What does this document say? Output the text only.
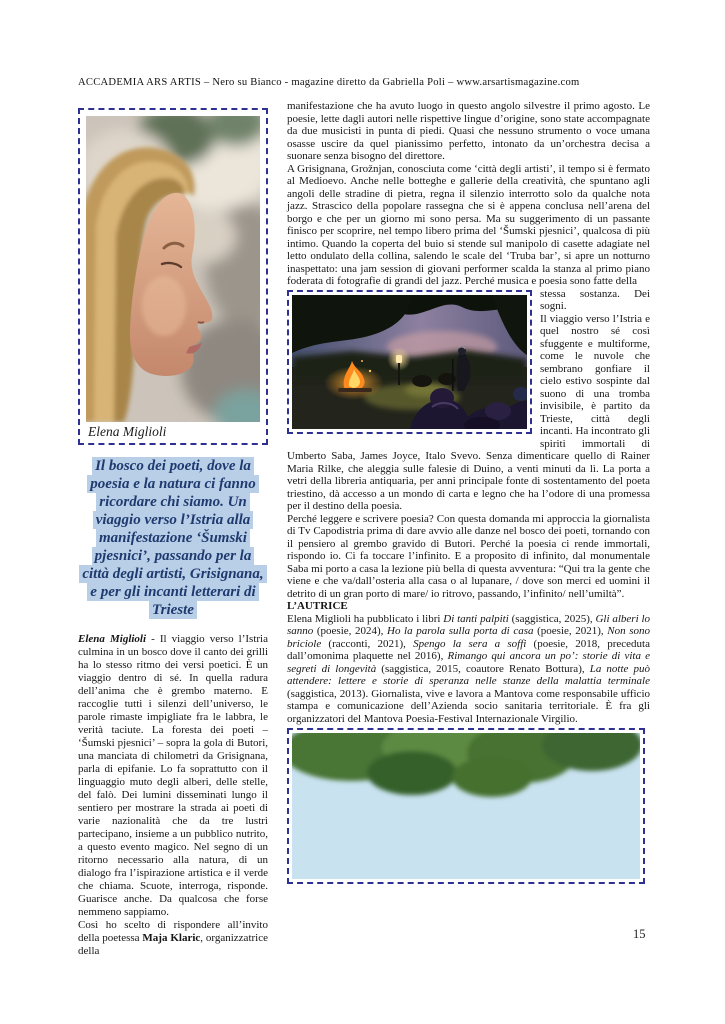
ACCADEMIA ARS ARTIS – Nero su Bianco - magazine diretto da Gabriella Poli – www.arsartismagazine.com
Elena Miglioli
Il bosco dei poeti, dove la poesia e la natura ci fanno ricordare chi siamo. Un viaggio verso l’Istria alla manifestazione ‘Šumski pjesnici’, passando per la città degli artisti, Grisignana, e per gli incanti letterari di Trieste

Elena Miglioli - Il viaggio verso l’Istria culmina in un bosco dove il canto dei grilli ha lo stesso ritmo dei versi poetici. È un viaggio dentro di sé. In quella radura dell’anima che è grembo materno. E raccoglie tutti i silenzi dell’universo, le parole rimaste impigliate fra le labbra, le verità taciute. La foresta dei poeti – ‘Šumski pjesnici’ – sopra la gola di Butori, una manciata di chilometri da Grisignana, parla di epifanie. Lo fa soprattutto con il linguaggio muto degli alberi, delle stelle, del falò. Dei lumini disseminati lungo il sentiero per mostrare la strada ai poeti di varie nazionalità che da tre lustri partecipano, insieme a un pubblico nutrito, a questo evento magico. Nel segno di un ritorno necessario alla natura, di un dialogo fra l’ispirazione artistica e il verde che chiama. Scuote, interroga, risponde. Guarisce anche. Da qualcosa che forse nemmeno sappiamo.

Così ho scelto di rispondere all’invito della poetessa Maja Klaric, organizzatrice della

manifestazione che ha avuto luogo in questo angolo silvestre il primo agosto. Le poesie, lette dagli autori nelle rispettive lingue d’origine, sono state accompagnate da due musicisti in punta di piedi. Quasi che nessuno strumento o voce umana osasse uscire da quel pianissimo perfetto, intonato da un’orchestra decisa a suonare senza bisogno del direttore.

A Grisignana, Grožnjan, conosciuta come ‘città degli artisti’, il tempo si è fermato al Medioevo. Anche nelle botteghe e gallerie della creatività, che spuntano agli angoli delle stradine di pietra, regna il silenzio interrotto solo da qualche nota jazz. Strascico della popolare rassegna che si è appena conclusa nell’arena del borgo e che per un giorno mi sono persa. Ma su suggerimento di un passante finisco per scoprire, nel tempo libero prima del ‘Šumski pjesnici’, qualcosa di più intimo. Quando la coperta del buio si stende sul manipolo di casette adagiate nel letto ondulato della collina, salendo le scale del ‘Truba bar’, si apre un notturno inaspettato: una jam session di giovani performer scalda la stanza al primo piano foderata di fotografie di grandi del jazz. Perché musica e poesia sono fatte della

stessa sostanza. Dei sogni.

Il viaggio verso l’Istria e quel nostro sé così sfuggente e multiforme, come le nuvole che sembrano gonfiare il cielo estivo sospinte dal suono di una tromba invisibile, è partito da Trieste, città degli incanti. Ha incontrato gli spiriti immortali di Umberto Saba, James Joyce, Italo Svevo. Senza dimenticare quello di Rainer Maria Rilke, che aleggia sulle falesie di Duino, a venti minuti da lì. La porta a vetri della libreria antiquaria, per anni principale fonte di sostentamento del poeta triestino, dà accesso a un mondo di carta e legno che ha l’odore di una promessa per il destino della poesia.

Perché leggere e scrivere poesia? Con questa domanda mi approccia la giornalista di Tv Capodistria prima di dare avvio alle danze nel bosco dei poeti, tornando con il pensiero al grembo gravido di Butori. Perché la poesia ci rende immortali, rispondo io. Ci fa toccare l’infinito. E a proposito di infinito, dal monumentale Saba mi porto a casa la lezione più bella di questa avventura: “Qui tra la gente che viene e che va/dall’osteria alla casa o al lupanare, / dove son merci ed uomini il detrito di un gran porto di mare/ io ritrovo, passando, l’infinito/ nell’umiltà”.

L’AUTRICE

Elena Miglioli ha pubblicato i libri Di tanti palpiti (saggistica, 2025), Gli alberi lo sanno (poesie, 2024), Ho la parola sulla porta di casa (poesie, 2021), Non sono briciole (racconti, 2021), Spengo la sera a soffi (poesie, 2018, preceduta dall’omonima plaquette nel 2016), Rimango qui ancora un po’: storie di vita e segreti di longevità (saggistica, 2015, coautore Renato Bottura), La notte può attendere: lettere e storie di speranza nelle stanze della malattia terminale (saggistica, 2013). Giornalista, vive e lavora a Mantova come responsabile ufficio stampa e comunicazione dell’Azienda socio sanitaria territoriale. È fra gli organizzatori del Mantova Poesia-Festival Internazionale Virgilio.

15
